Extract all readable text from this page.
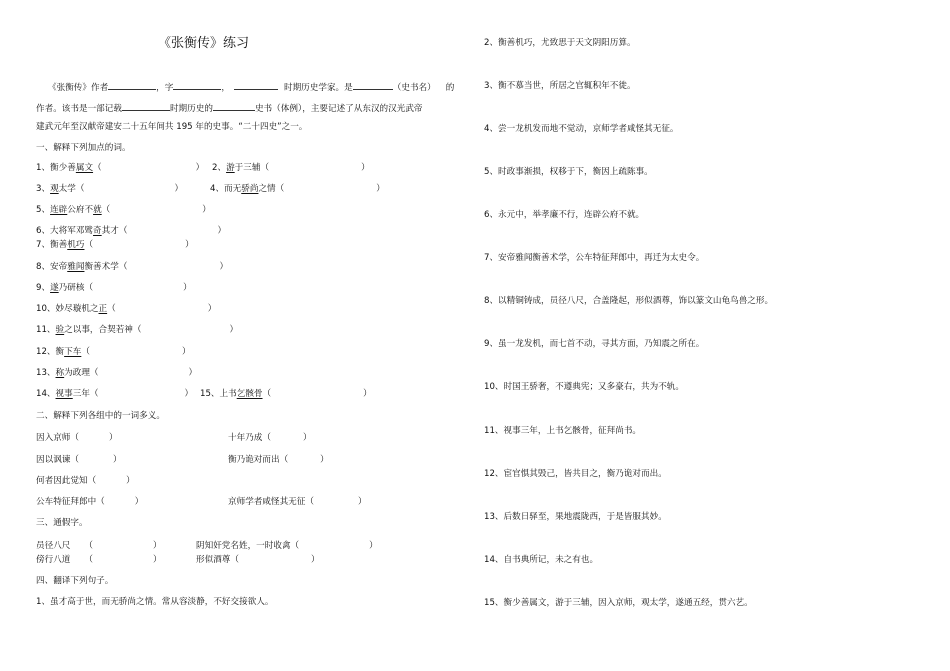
《张衡传》练习
《张衡传》作者	，字	，	时期历史学家。是	（史书名） 的
作者。该书是一部记载	时期历史的	史书（体例），主要记述了从东汉的汉光武帝
建武元年至汉献帝建安二十五年间共 195 年的史事。“二十四史”之一。
一、解释下列加点的词。
1、衡少善属文（	） 2、游于三辅（	）
3、观太学（	）	4、而无骄尚之情（	）
5、连辟公府不就（	）
6、大将军邓骘奇其才（	）
7、衡善机巧（	）
8、安帝雅闻衡善术学（	）
9、遂乃研核（	）
10、妙尽璇机之正（	）
11、验之以事，合契若神（	）
12、衡下车（	）
13、称为政理（	）
14、视事三年（	） 15、上书乞骸骨（	）
二、解释下列各组中的一词多义。
因入京师（	）	十年乃成（	）
因以讽谏（	）	衡乃诡对而出（	）
何者因此觉知（	）
公车特征拜郎中（	）	京师学者咸怪其无征（	）
三、通假字。
员径八尺 （	）	阴知奸党名姓，一时收禽（	）
傍行八道 （	）	形似酒尊（	）
四、翻译下列句子。
1、虽才高于世，而无骄尚之情。常从容淡静，不好交接欲人。
2、衡善机巧，尤致思于天文阴阳历算。
3、衡不慕当世，所居之官辄积年不徙。
4、尝一龙机发而地不觉动，京师学者咸怪其无征。
5、时政事渐损，权移于下，衡因上疏陈事。
6、永元中，举孝廉不行，连辟公府不就。
7、安帝雅闻衡善术学，公车特征拜郎中，再迁为太史令。
8、以精铜铸成，员径八尺，合盖隆起，形似酒尊，饰以篆文山龟鸟兽之形。
9、虽一龙发机，而七首不动，寻其方面，乃知震之所在。
10、时国王骄奢，不遵典宪；又多豪右，共为不轨。
11、视事三年，上书乞骸骨，征拜尚书。
12、宦官惧其毁己，皆共目之，衡乃诡对而出。
13、后数日驿至，果地震陇西，于是皆服其妙。
14、自书典所记，未之有也。
15、衡少善属文，游于三辅，因入京师，观太学，遂通五经，贯六艺。
